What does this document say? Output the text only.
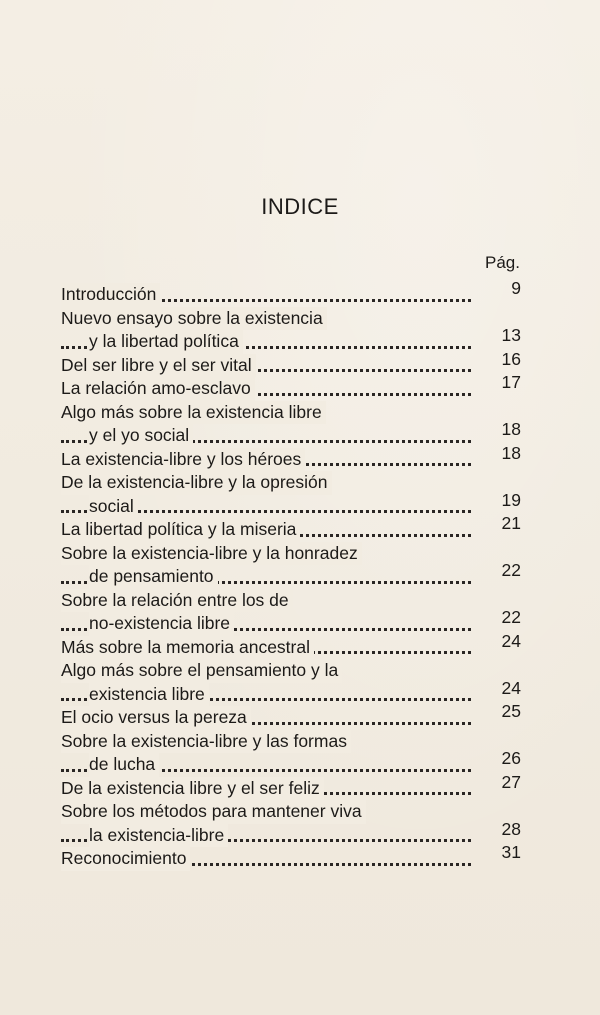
INDICE
Pág.
Introducción	9
Nuevo ensayo sobre la existencia
y la libertad política	13
Del ser libre y el ser vital	16
La relación amo-esclavo	17
Algo más sobre la existencia libre
y el yo social	18
La existencia-libre y los héroes	18
De la existencia-libre y la opresión
social	19
La libertad política y la miseria	21
Sobre la existencia-libre y la honradez
de pensamiento	22
Sobre la relación entre los de
no-existencia libre	22
Más sobre la memoria ancestral	24
Algo más sobre el pensamiento y la
existencia libre	24
El ocio versus la pereza	25
Sobre la existencia-libre y las formas
de lucha	26
De la existencia libre y el ser feliz	27
Sobre los métodos para mantener viva
la existencia-libre	28
Reconocimiento	31
